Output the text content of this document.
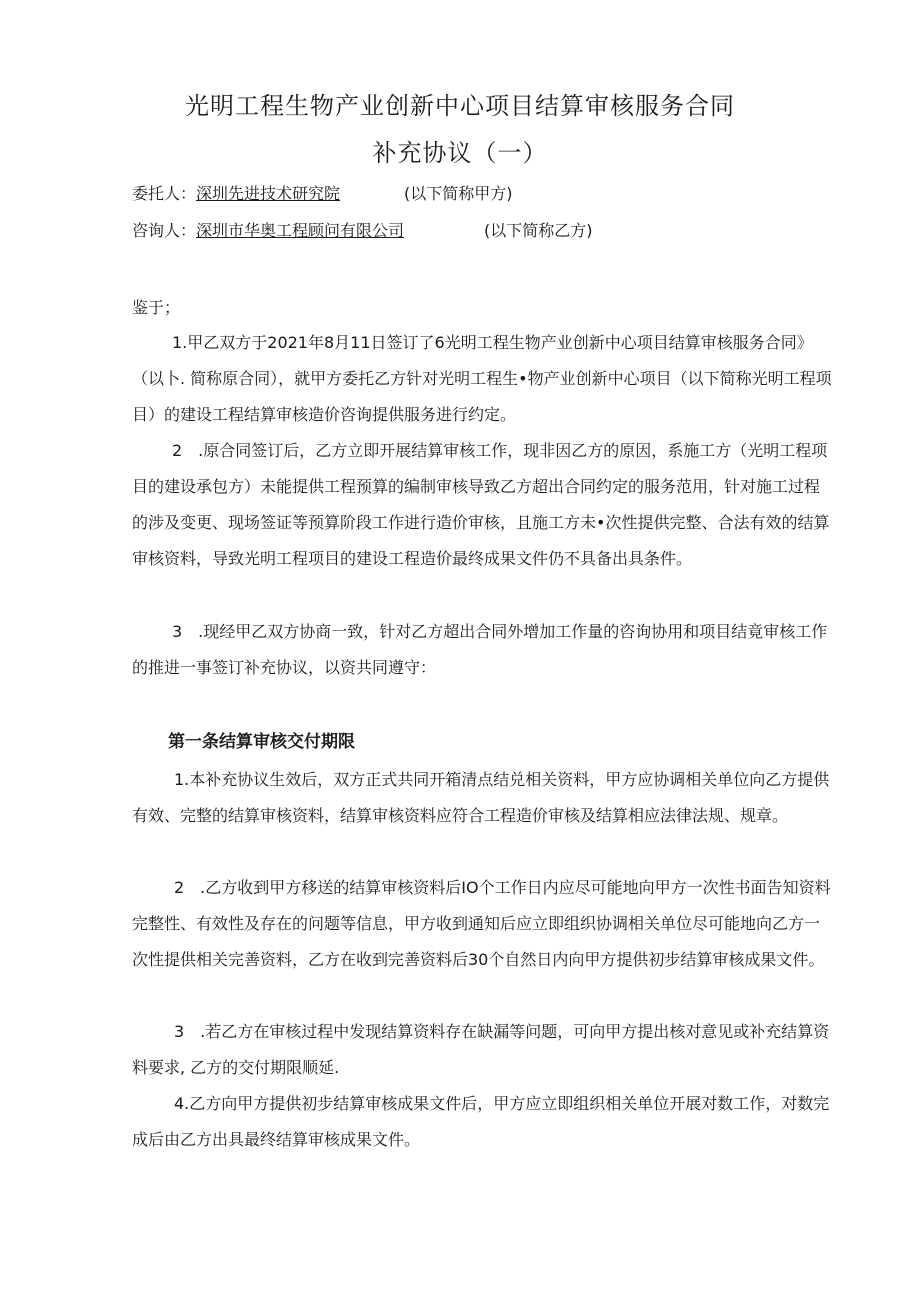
光明工程生物产业创新中心项目结算审核服务合同
补充协议（一）
委托人：深圳先进技术研究院	(以下简称甲方)
咨询人：深圳市华奥工程顾问有限公司	(以下简称乙方)

鉴于；

1.甲乙双方于2021年8月11日签订了6光明工程生物产业创新中心项目结算审核服务合同》（以卜. 简称原合同），就甲方委托乙方针对光明工程生•物产业创新中心项目（以下简称光明工程项目）的建设工程结算审核造价咨询提供服务进行约定。

2　.原合同签订后，乙方立即开展结算审核工作，现非因乙方的原因，系施工方（光明工程项目的建设承包方）未能提供工程预算的编制审核导致乙方超出合同约定的服务范用，针对施工过程的涉及变更、现场签证等预算阶段工作进行造价审核，且施工方未•次性提供完整、合法有效的结算审核资料，导致光明工程项目的建设工程造价最终成果文件仍不具备出具条件。

3　.现经甲乙双方协商一致，针对乙方超出合同外增加工作量的咨询协用和项目结竟审核工作的推进一事签订补充协议，以资共同遵守：

第一条结算审核交付期限

1.本补充协议生效后，双方正式共同开箱清点结兑相关资料，甲方应协调相关单位向乙方提供有效、完整的结算审核资料，结算审核资料应符合工程造价审核及结算相应法律法规、规章。

2　.乙方收到甲方移送的结算审核资料后IO个工作日内应尽可能地向甲方一次性书面告知资料完整性、有效性及存在的问题等信息，甲方收到通知后应立即组织协调相关单位尽可能地向乙方一次性提供相关完善资料，乙方在收到完善资料后30个自然日内向甲方提供初步结算审核成果文件。

3　.若乙方在审核过程中发现结算资料存在缺漏等问题，可向甲方提出核对意见或补充结算资料要求, 乙方的交付期限顺延.

4.乙方向甲方提供初步结算审核成果文件后，甲方应立即组织相关单位开展对数工作，对数完成后由乙方出具最终结算审核成果文件。
